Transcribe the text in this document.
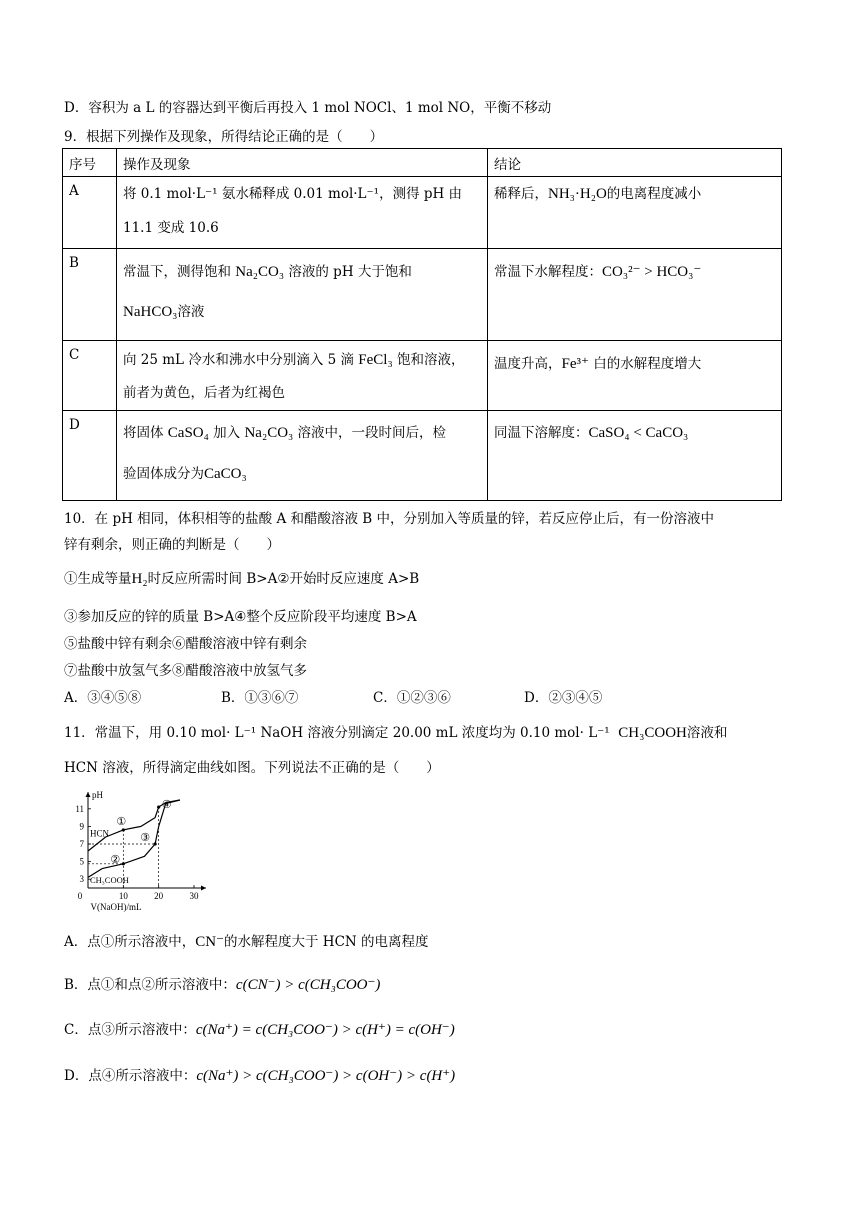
D．容积为 a L 的容器达到平衡后再投入 1 mol NOCl、1 mol NO，平衡不移动
9．根据下列操作及现象，所得结论正确的是（　　）
序号	操作及现象	结论
A	将 0.1 mol·L⁻¹ 氨水稀释成 0.01 mol·L⁻¹，测得 pH 由
11.1 变成 10.6	稀释后，NH₃·H₂O的电离程度减小

B	常温下，测得饱和 Na₂CO₃ 溶液的 pH 大于饱和
NaHCO₃溶液	常温下水解程度：CO₃²⁻ > HCO₃⁻

C	向 25 mL 冷水和沸水中分别滴入 5 滴 FeCl₃ 饱和溶液，
前者为黄色，后者为红褐色	温度升高，Fe³⁺ 白的水解程度增大

D	将固体 CaSO₄ 加入 Na₂CO₃ 溶液中，一段时间后，检
验固体成分为CaCO₃	同温下溶解度：CaSO₄ < CaCO₃
10．在 pH 相同，体积相等的盐酸 A 和醋酸溶液 B 中，分别加入等质量的锌，若反应停止后，有一份溶液中
锌有剩余，则正确的判断是（　　）
①生成等量H₂时反应所需时间 B>A②开始时反应速度 A>B
③参加反应的锌的质量 B>A④整个反应阶段平均速度 B>A
⑤盐酸中锌有剩余⑥醋酸溶液中锌有剩余
⑦盐酸中放氢气多⑧醋酸溶液中放氢气多
A．③④⑤⑧	B．①③⑥⑦	C．①②③⑥	D．②③④⑤
11．常温下，用 0.10 mol· L⁻¹ NaOH 溶液分别滴定 20.00 mL 浓度均为 0.10 mol· L⁻¹ CH₃COOH溶液和
HCN 溶液，所得滴定曲线如图。下列说法不正确的是（　　）
pH
V(NaOH)/mL
0	10	20	30
3
5
7
9
11
HCN
CH₃COOH
①
②
③
④
A．点①所示溶液中，CN⁻的水解程度大于 HCN 的电离程度
B．点①和点②所示溶液中：c(CN⁻) > c(CH₃COO⁻)
C．点③所示溶液中：c(Na⁺) = c(CH₃COO⁻) > c(H⁺) = c(OH⁻)
D．点④所示溶液中：c(Na⁺) > c(CH₃COO⁻) > c(OH⁻) > c(H⁺)
